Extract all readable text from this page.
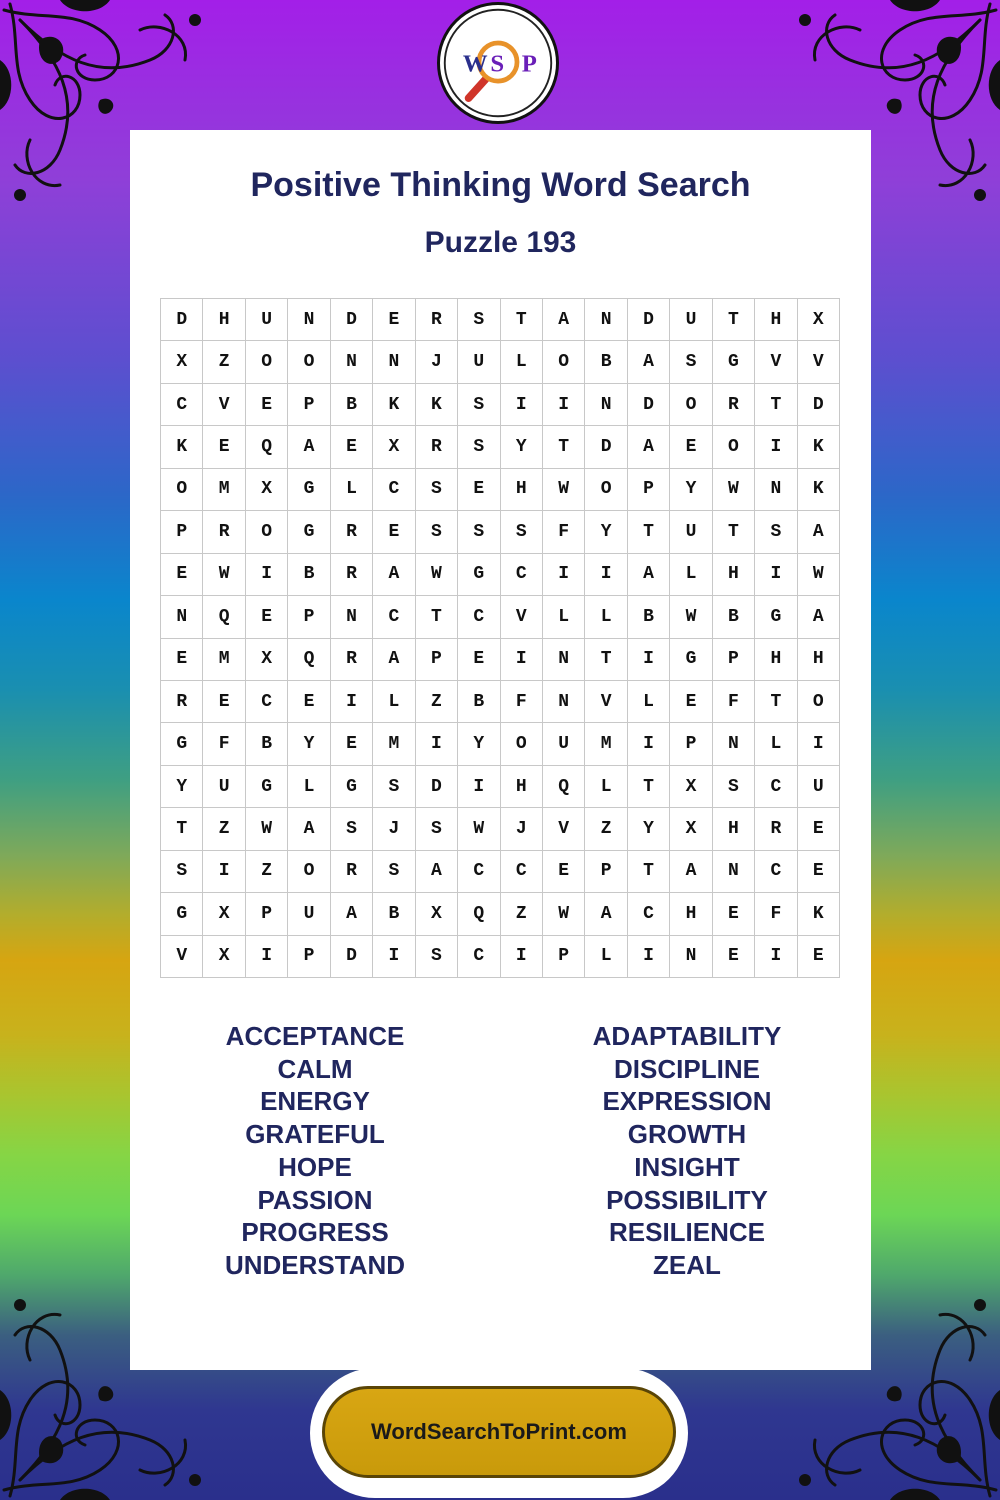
W S P
Positive Thinking Word Search
Puzzle 193
D	H	U	N	D	E	R	S	T	A	N	D	U	T	H	X
X	Z	O	O	N	N	J	U	L	O	B	A	S	G	V	V
C	V	E	P	B	K	K	S	I	I	N	D	O	R	T	D
K	E	Q	A	E	X	R	S	Y	T	D	A	E	O	I	K
O	M	X	G	L	C	S	E	H	W	O	P	Y	W	N	K
P	R	O	G	R	E	S	S	S	F	Y	T	U	T	S	A
E	W	I	B	R	A	W	G	C	I	I	A	L	H	I	W
N	Q	E	P	N	C	T	C	V	L	L	B	W	B	G	A
E	M	X	Q	R	A	P	E	I	N	T	I	G	P	H	H
R	E	C	E	I	L	Z	B	F	N	V	L	E	F	T	O
G	F	B	Y	E	M	I	Y	O	U	M	I	P	N	L	I
Y	U	G	L	G	S	D	I	H	Q	L	T	X	S	C	U
T	Z	W	A	S	J	S	W	J	V	Z	Y	X	H	R	E
S	I	Z	O	R	S	A	C	C	E	P	T	A	N	C	E
G	X	P	U	A	B	X	Q	Z	W	A	C	H	E	F	K
V	X	I	P	D	I	S	C	I	P	L	I	N	E	I	E
ACCEPTANCE
CALM
ENERGY
GRATEFUL
HOPE
PASSION
PROGRESS
UNDERSTAND
ADAPTABILITY
DISCIPLINE
EXPRESSION
GROWTH
INSIGHT
POSSIBILITY
RESILIENCE
ZEAL
WordSearchToPrint.com
